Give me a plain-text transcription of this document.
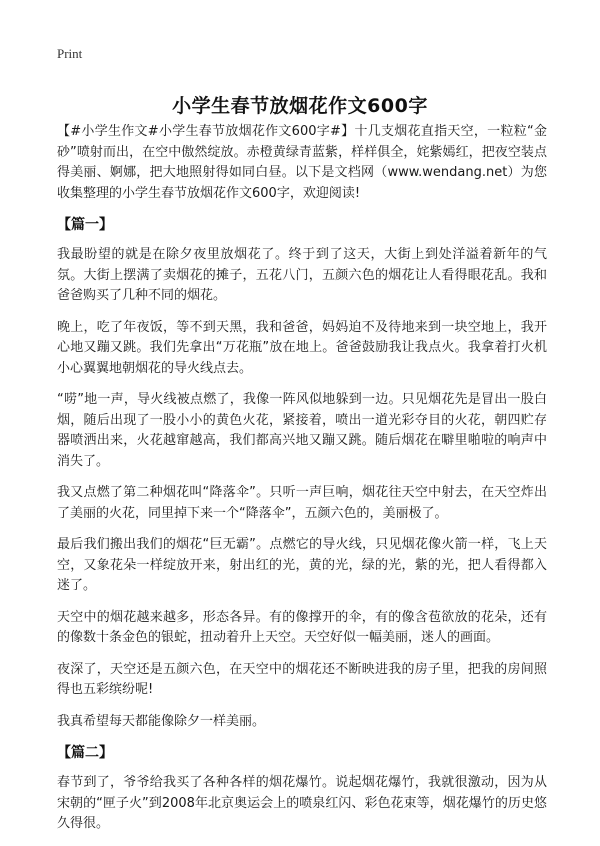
Print
小学生春节放烟花作文600字

【#小学生作文#小学生春节放烟花作文600字#】十几支烟花直指天空，一粒粒“金砂”喷射而出，在空中傲然绽放。赤橙黄绿青蓝紫，样样俱全，姹紫嫣红，把夜空装点得美丽、婀娜，把大地照射得如同白昼。以下是文档网（www.wendang.net）为您收集整理的小学生春节放烟花作文600字，欢迎阅读!

【篇一】

我最盼望的就是在除夕夜里放烟花了。终于到了这天，大街上到处洋溢着新年的气氛。大街上摆满了卖烟花的摊子，五花八门，五颜六色的烟花让人看得眼花乱。我和爸爸购买了几种不同的烟花。

晚上，吃了年夜饭，等不到天黑，我和爸爸，妈妈迫不及待地来到一块空地上，我开心地又蹦又跳。我们先拿出“万花瓶”放在地上。爸爸鼓励我让我点火。我拿着打火机小心翼翼地朝烟花的导火线点去。

“唠”地一声，导火线被点燃了，我像一阵风似地躲到一边。只见烟花先是冒出一股白烟，随后出现了一股小小的黄色火花，紧接着，喷出一道光彩夺目的火花，朝四贮存器喷洒出来，火花越窜越高，我们都高兴地又蹦又跳。随后烟花在噼里啪啦的响声中消失了。

我又点燃了第二种烟花叫“降落伞”。只听一声巨响，烟花往天空中射去，在天空炸出了美丽的火花，同里掉下来一个“降落伞”，五颜六色的，美丽极了。

最后我们搬出我们的烟花“巨无霸”。点燃它的导火线，只见烟花像火箭一样，飞上天空，又象花朵一样绽放开来，射出红的光，黄的光，绿的光，紫的光，把人看得都入迷了。

天空中的烟花越来越多，形态各异。有的像撑开的伞，有的像含苞欲放的花朵，还有的像数十条金色的银蛇，扭动着升上天空。天空好似一幅美丽，迷人的画面。

夜深了，天空还是五颜六色，在天空中的烟花还不断映进我的房子里，把我的房间照得也五彩缤纷呢!

我真希望每天都能像除夕一样美丽。

【篇二】

春节到了，爷爷给我买了各种各样的烟花爆竹。说起烟花爆竹，我就很激动，因为从宋朝的“匣子火”到2008年北京奥运会上的喷泉红闪、彩色花束等，烟花爆竹的历史悠久得很。
